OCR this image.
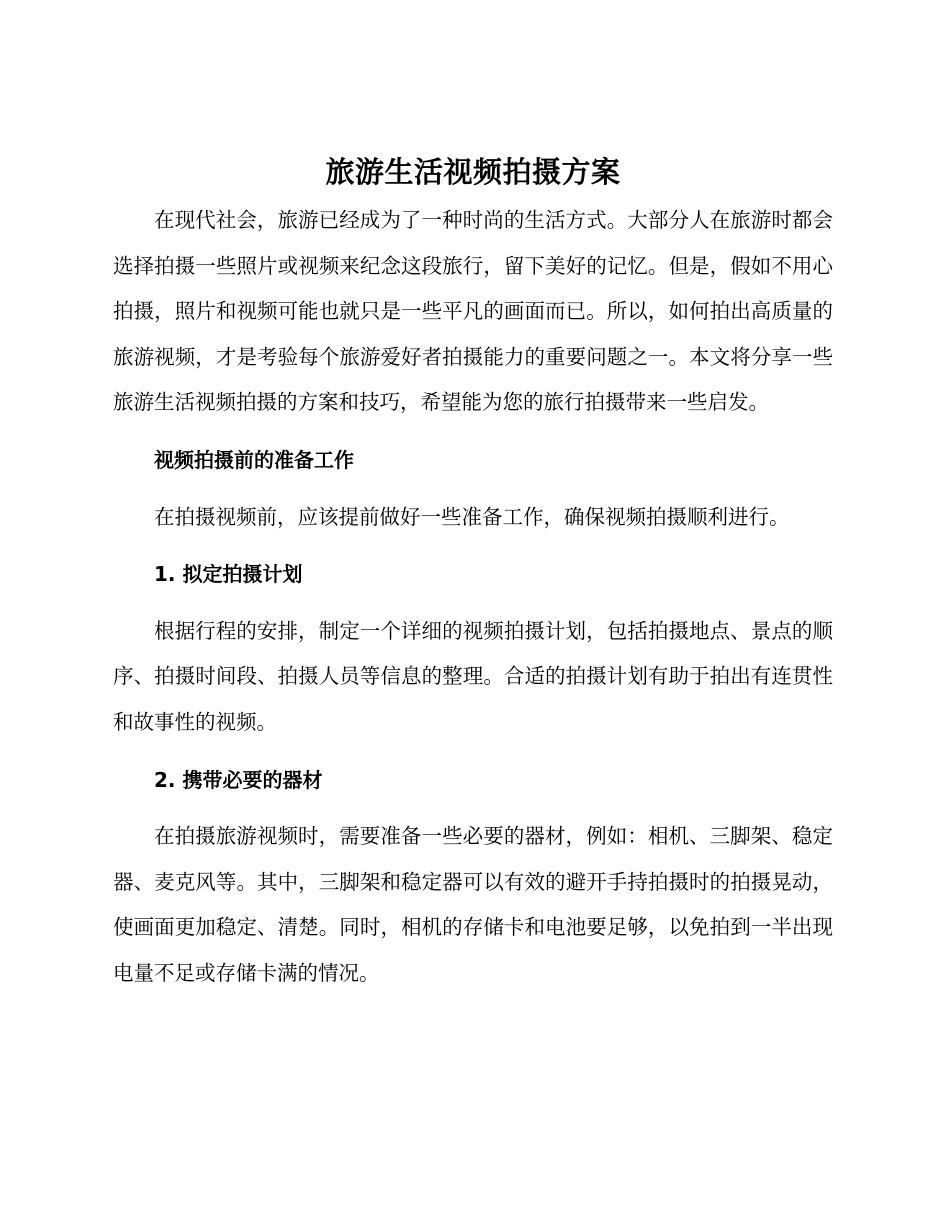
旅游生活视频拍摄方案

在现代社会，旅游已经成为了一种时尚的生活方式。大部分人在旅游时都会选择拍摄一些照片或视频来纪念这段旅行，留下美好的记忆。但是，假如不用心拍摄，照片和视频可能也就只是一些平凡的画面而已。所以，如何拍出高质量的旅游视频，才是考验每个旅游爱好者拍摄能力的重要问题之一。本文将分享一些旅游生活视频拍摄的方案和技巧，希望能为您的旅行拍摄带来一些启发。

视频拍摄前的准备工作

在拍摄视频前，应该提前做好一些准备工作，确保视频拍摄顺利进行。

1. 拟定拍摄计划

根据行程的安排，制定一个详细的视频拍摄计划，包括拍摄地点、景点的顺序、拍摄时间段、拍摄人员等信息的整理。合适的拍摄计划有助于拍出有连贯性和故事性的视频。

2. 携带必要的器材

在拍摄旅游视频时，需要准备一些必要的器材，例如：相机、三脚架、稳定器、麦克风等。其中，三脚架和稳定器可以有效的避开手持拍摄时的拍摄晃动，使画面更加稳定、清楚。同时，相机的存储卡和电池要足够，以免拍到一半出现电量不足或存储卡满的情况。
